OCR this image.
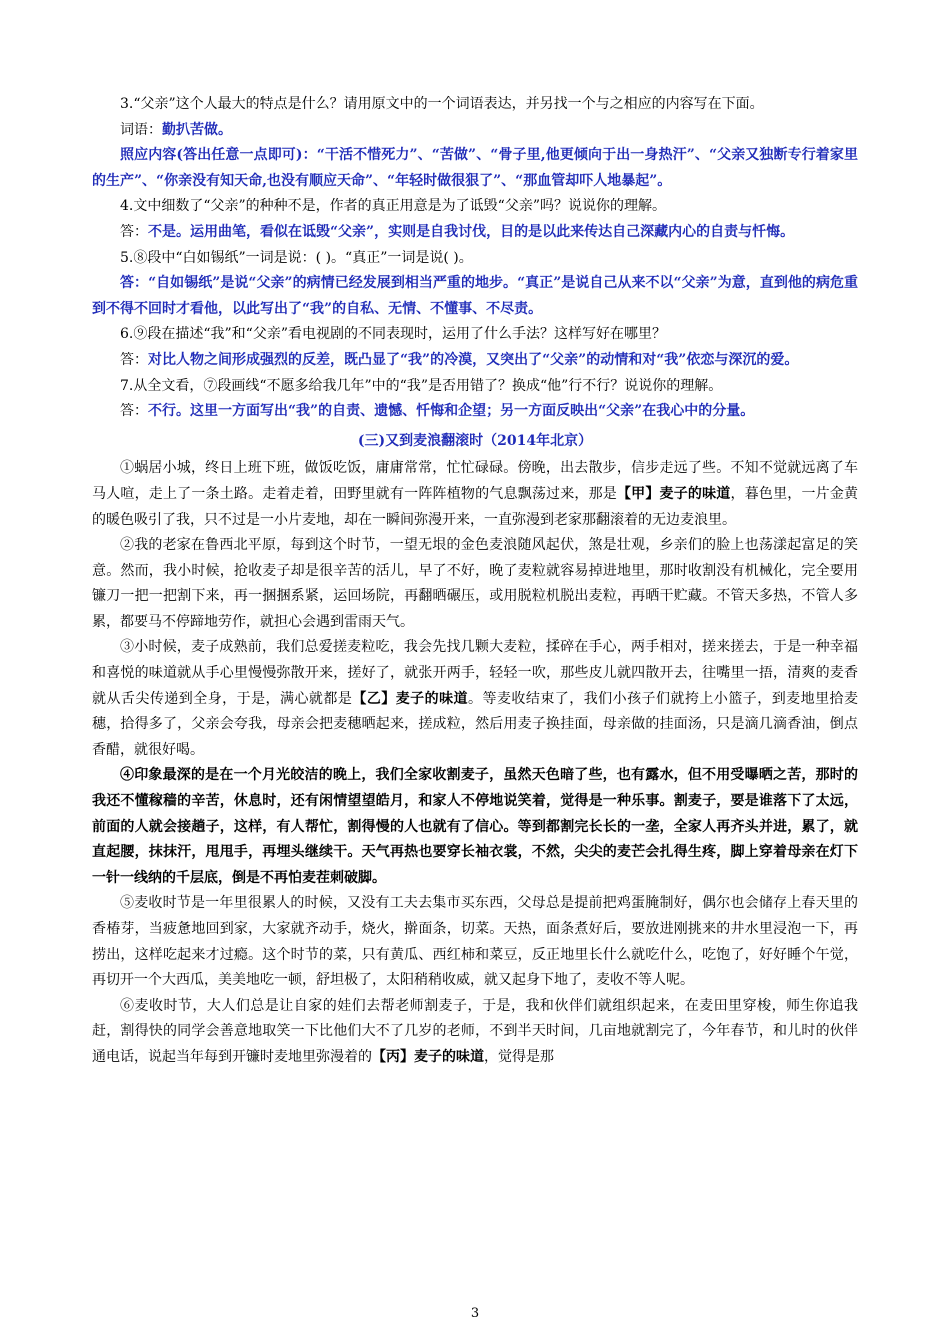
3.“父亲”这个人最大的特点是什么？请用原文中的一个词语表达，并另找一个与之相应的内容写在下面。

词语：勤扒苦做。

照应内容(答出任意一点即可)：“干活不惜死力”、“苦做”、“骨子里,他更倾向于出一身热汗”、“父亲又独断专行着家里的生产”、“你亲没有知天命,也没有顺应天命”、“年轻时做很狠了”、“那血管却吓人地暴起”。

4.文中细数了“父亲”的种种不是，作者的真正用意是为了诋毁“父亲”吗？说说你的理解。

答：不是。运用曲笔，看似在诋毁“父亲”，实则是自我讨伐，目的是以此来传达自己深藏内心的自责与忏悔。

5.⑧段中“白如锡纸”一词是说：( )。“真正”一词是说( )。

答：“自如锡纸”是说“父亲”的病情已经发展到相当严重的地步。“真正”是说自己从来不以“父亲”为意，直到他的病危重到不得不回时才看他，以此写出了“我”的自私、无情、不懂事、不尽责。

6.⑨段在描述“我”和“父亲”看电视剧的不同表现时，运用了什么手法？这样写好在哪里？

答：对比人物之间形成强烈的反差，既凸显了“我”的冷漠，又突出了“父亲”的动情和对“我”依恋与深沉的爱。

7.从全文看，⑦段画线“不愿多给我几年”中的“我”是否用错了？换成“他”行不行？说说你的理解。

答：不行。这里一方面写出“我”的自责、遗憾、忏悔和企望；另一方面反映出“父亲”在我心中的分量。

(三)又到麦浪翻滚时（2014年北京）

①蜗居小城，终日上班下班，做饭吃饭，庸庸常常，忙忙碌碌。傍晚，出去散步，信步走远了些。不知不觉就远离了车马人喧，走上了一条土路。走着走着，田野里就有一阵阵植物的气息飘荡过来，那是【甲】麦子的味道，暮色里，一片金黄的暖色吸引了我，只不过是一小片麦地，却在一瞬间弥漫开来，一直弥漫到老家那翻滚着的无边麦浪里。

②我的老家在鲁西北平原，每到这个时节，一望无垠的金色麦浪随风起伏，煞是壮观，乡亲们的脸上也荡漾起富足的笑意。然而，我小时候，抢收麦子却是很辛苦的活儿，早了不好，晚了麦粒就容易掉进地里，那时收割没有机械化，完全要用镰刀一把一把割下来，再一捆捆系紧，运回场院，再翻晒碾压，或用脱粒机脱出麦粒，再晒干贮藏。不管天多热，不管人多累，都要马不停蹄地劳作，就担心会遇到雷雨天气。

③小时候，麦子成熟前，我们总爱搓麦粒吃，我会先找几颗大麦粒，揉碎在手心，两手相对，搓来搓去，于是一种幸福和喜悦的味道就从手心里慢慢弥散开来，搓好了，就张开两手，轻轻一吹，那些皮儿就四散开去，往嘴里一捂，清爽的麦香就从舌尖传递到全身，于是，满心就都是【乙】麦子的味道。等麦收结束了，我们小孩子们就挎上小篮子，到麦地里拾麦穗，拾得多了，父亲会夸我，母亲会把麦穗晒起来，搓成粒，然后用麦子换挂面，母亲做的挂面汤，只是滴几滴香油，倒点香醋，就很好喝。

④印象最深的是在一个月光皎洁的晚上，我们全家收割麦子，虽然天色暗了些，也有露水，但不用受曝晒之苦，那时的我还不懂稼穑的辛苦，休息时，还有闲情望望皓月，和家人不停地说笑着，觉得是一种乐事。割麦子，要是谁落下了太远，前面的人就会接趟子，这样，有人帮忙，割得慢的人也就有了信心。等到都割完长长的一垄，全家人再齐头并进，累了，就直起腰，抹抹汗，甩甩手，再埋头继续干。天气再热也要穿长袖衣裳，不然，尖尖的麦芒会扎得生疼，脚上穿着母亲在灯下一针一线纳的千层底，倒是不再怕麦茬刺破脚。

⑤麦收时节是一年里很累人的时候，又没有工夫去集市买东西，父母总是提前把鸡蛋腌制好，偶尔也会储存上春天里的香椿芽，当疲惫地回到家，大家就齐动手，烧火，擀面条，切菜。天热，面条煮好后，要放进刚挑来的井水里浸泡一下，再捞出，这样吃起来才过瘾。这个时节的菜，只有黄瓜、西红柿和菜豆，反正地里长什么就吃什么，吃饱了，好好睡个午觉，再切开一个大西瓜，美美地吃一顿，舒坦极了，太阳稍稍收威，就又起身下地了，麦收不等人呢。

⑥麦收时节，大人们总是让自家的娃们去帮老师割麦子，于是，我和伙伴们就组织起来，在麦田里穿梭，师生你追我赶，割得快的同学会善意地取笑一下比他们大不了几岁的老师，不到半天时间，几亩地就割完了，今年春节，和儿时的伙伴通电话，说起当年每到开镰时麦地里弥漫着的【丙】麦子的味道，觉得是那

3
